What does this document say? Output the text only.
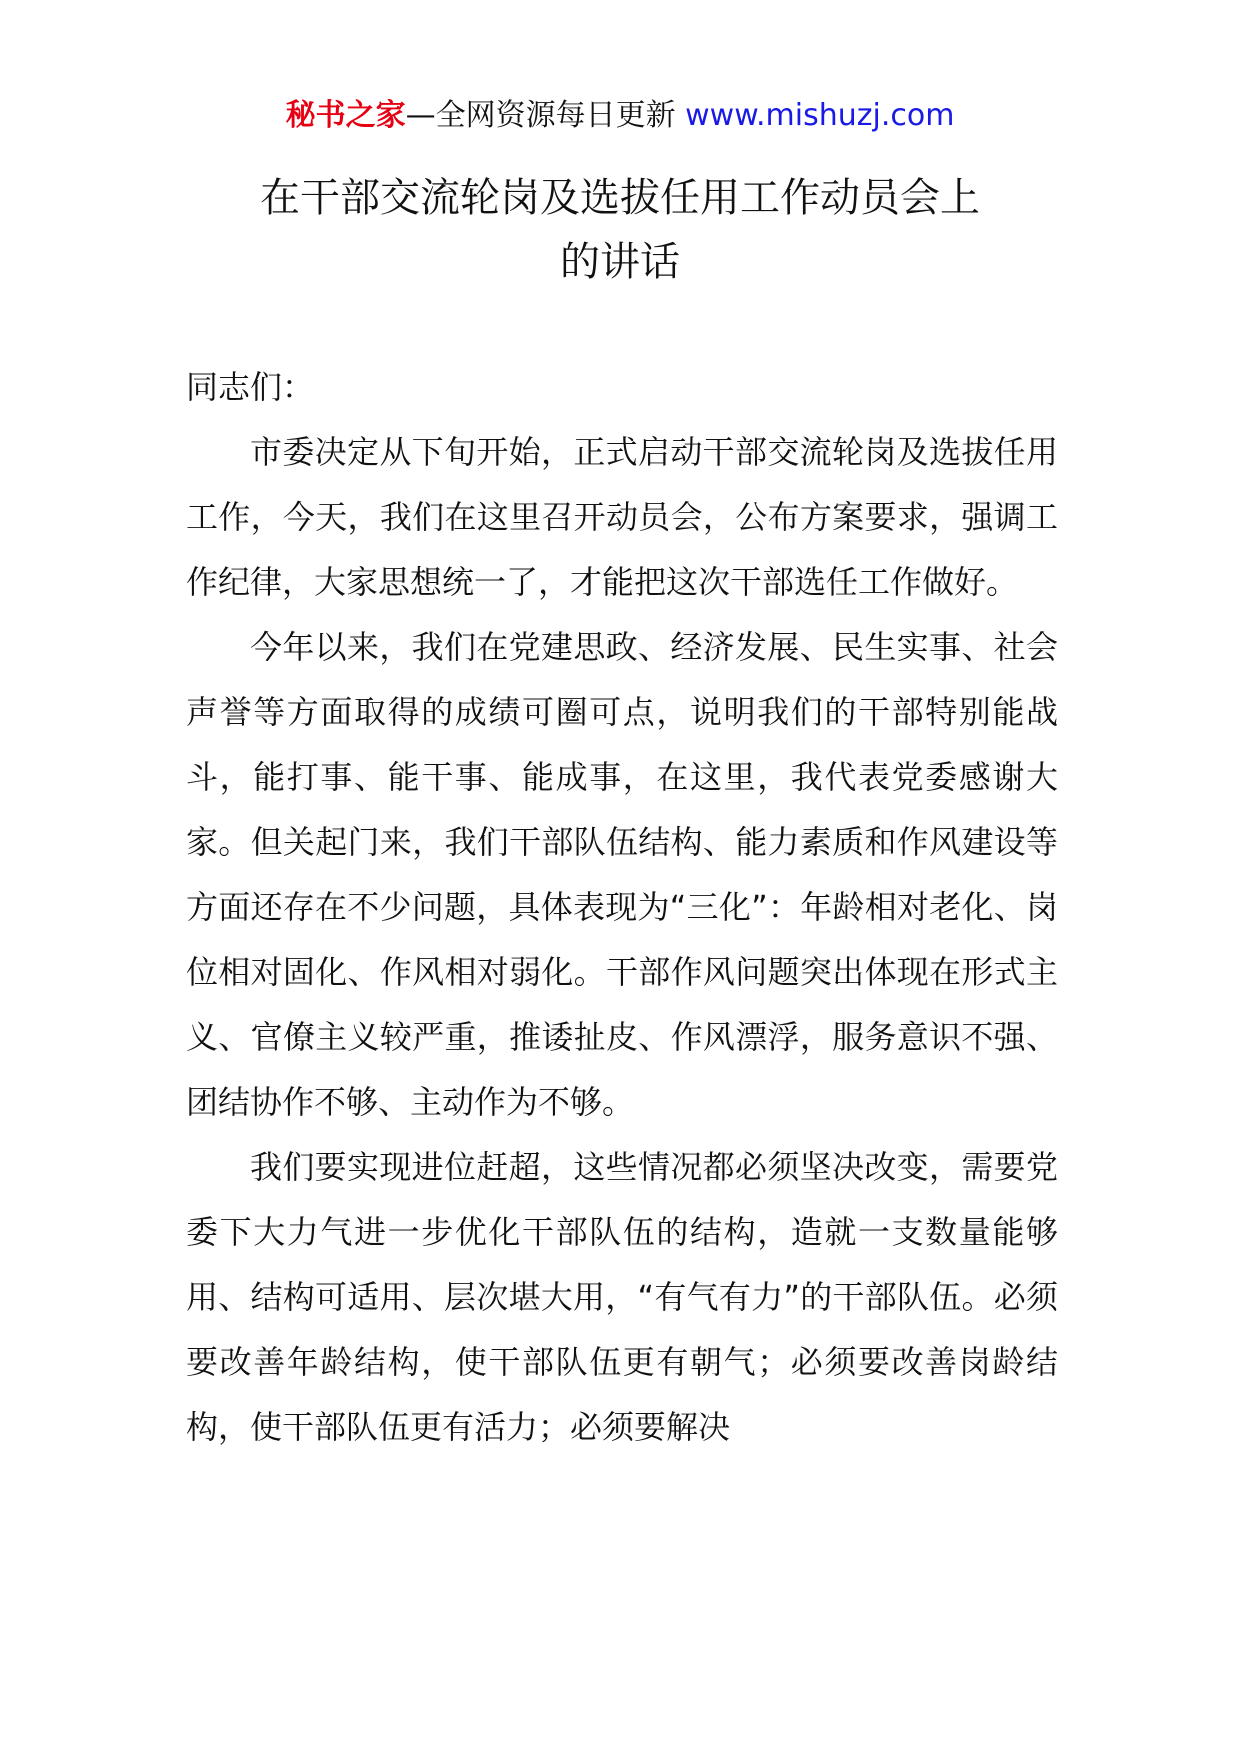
秘书之家—全网资源每日更新 www.mishuzj.com
在干部交流轮岗及选拔任用工作动员会上
的讲话

同志们：

市委决定从下旬开始，正式启动干部交流轮岗及选拔任用工作，今天，我们在这里召开动员会，公布方案要求，强调工作纪律，大家思想统一了，才能把这次干部选任工作做好。

今年以来，我们在党建思政、经济发展、民生实事、社会声誉等方面取得的成绩可圈可点，说明我们的干部特别能战斗，能打事、能干事、能成事，在这里，我代表党委感谢大家。但关起门来，我们干部队伍结构、能力素质和作风建设等方面还存在不少问题，具体表现为“三化”：年龄相对老化、岗位相对固化、作风相对弱化。干部作风问题突出体现在形式主义、官僚主义较严重，推诿扯皮、作风漂浮，服务意识不强、团结协作不够、主动作为不够。

我们要实现进位赶超，这些情况都必须坚决改变，需要党委下大力气进一步优化干部队伍的结构，造就一支数量能够用、结构可适用、层次堪大用，“有气有力”的干部队伍。必须要改善年龄结构，使干部队伍更有朝气；必须要改善岗龄结构，使干部队伍更有活力；必须要解决
